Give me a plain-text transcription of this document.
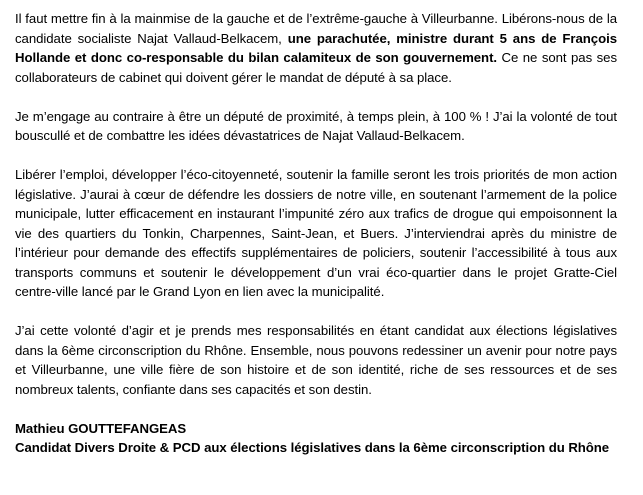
Il faut mettre fin à la mainmise de la gauche et de l’extrême-gauche à Villeurbanne. Libérons-nous de la candidate socialiste Najat Vallaud-Belkacem, une parachutée, ministre durant 5 ans de François Hollande et donc co-responsable du bilan calamiteux de son gouvernement. Ce ne sont pas ses collaborateurs de cabinet qui doivent gérer le mandat de député à sa place.

Je m’engage au contraire à être un député de proximité, à temps plein, à 100 % ! J’ai la volonté de tout bouscullé et de combattre les idées dévastatrices de Najat Vallaud-Belkacem.

Libérer l’emploi, développer l’éco-citoyenneté, soutenir la famille seront les trois priorités de mon action législative. J’aurai à cœur de défendre les dossiers de notre ville, en soutenant l’armement de la police municipale, lutter efficacement en instaurant l’impunité zéro aux trafics de drogue qui empoisonnent la vie des quartiers du Tonkin, Charpennes, Saint-Jean, et Buers. J’interviendrai après du ministre de l’intérieur pour demande des effectifs supplémentaires de policiers, soutenir l’accessibilité à tous aux transports communs et soutenir le développement d’un vrai éco-quartier dans le projet Gratte-Ciel centre-ville lancé par le Grand Lyon en lien avec la municipalité.

J’ai cette volonté d’agir et je prends mes responsabilités en étant candidat aux élections législatives dans la 6ème circonscription du Rhône. Ensemble, nous pouvons redessiner un avenir pour notre pays et Villeurbanne, une ville fière de son histoire et de son identité, riche de ses ressources et de ses nombreux talents, confiante dans ses capacités et son destin.

Mathieu GOUTTEFANGEAS

Candidat Divers Droite & PCD aux élections législatives dans la 6ème circonscription du Rhône
